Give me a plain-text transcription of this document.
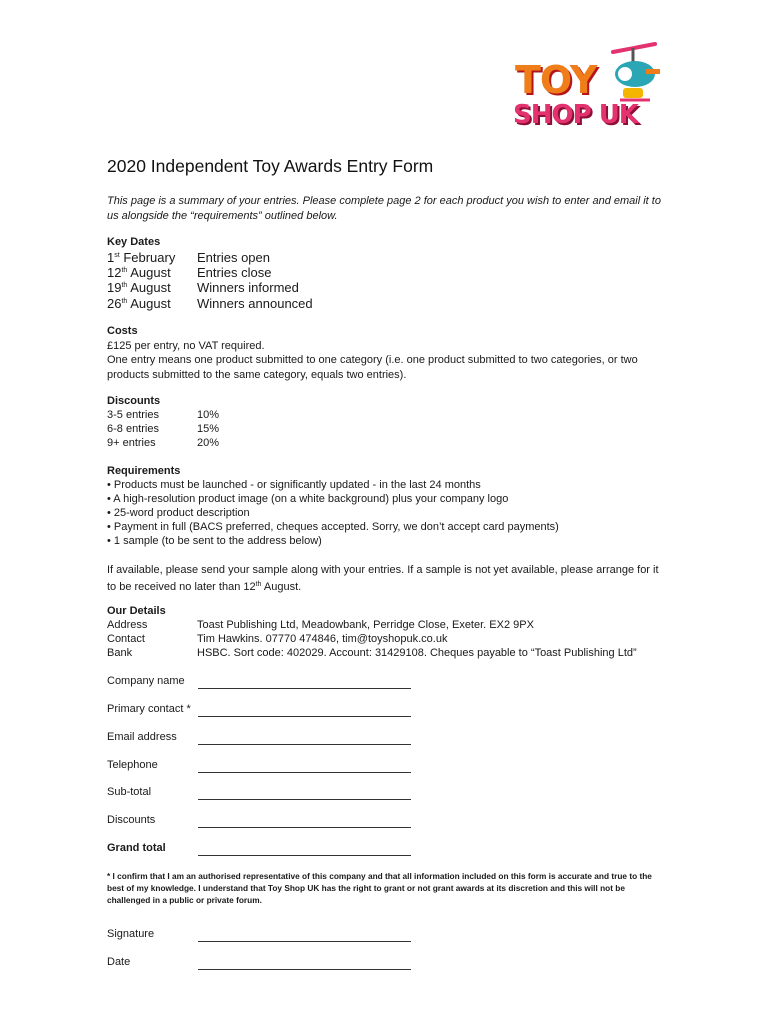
TOY
SHOP UK
2020 Independent Toy Awards Entry Form
This page is a summary of your entries. Please complete page 2 for each product you wish to enter and email it to us alongside the “requirements” outlined below.
Key Dates
1st February Entries open
12th August Entries close
19th August Winners informed
26th August Winners announced
Costs
£125 per entry, no VAT required.
One entry means one product submitted to one category (i.e. one product submitted to two categories, or two products submitted to the same category, equals two entries).
Discounts
3-5 entries	10%
6-8 entries	15%
9+ entries	20%
Requirements
• Products must be launched - or significantly updated - in the last 24 months
• A high-resolution product image (on a white background) plus your company logo
• 25-word product description
• Payment in full (BACS preferred, cheques accepted. Sorry, we don’t accept card payments)
• 1 sample (to be sent to the address below)
If available, please send your sample along with your entries. If a sample is not yet available, please arrange for it to be received no later than 12th August.
Our Details
Address	Toast Publishing Ltd, Meadowbank, Perridge Close, Exeter. EX2 9PX
Contact	Tim Hawkins. 07770 474846, tim@toyshopuk.co.uk
Bank	HSBC. Sort code: 402029. Account: 31429108. Cheques payable to “Toast Publishing Ltd”
Company name
Primary contact *
Email address
Telephone
Sub-total
Discounts
Grand total
* I confirm that I am an authorised representative of this company and that all information included on this form is accurate and true to the best of my knowledge. I understand that Toy Shop UK has the right to grant or not grant awards at its discretion and this will not be challenged in a public or private forum.
Signature
Date
